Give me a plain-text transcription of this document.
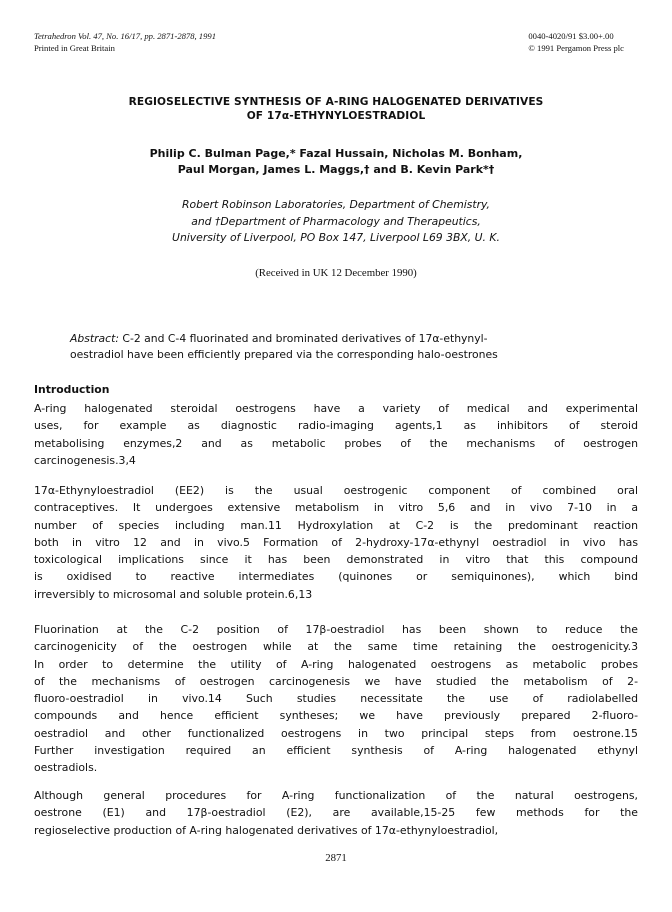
Tetrahedron Vol. 47, No. 16/17, pp. 2871-2878, 1991
Printed in Great Britain
0040-4020/91 $3.00+.00
© 1991 Pergamon Press plc
REGIOSELECTIVE SYNTHESIS OF A-RING HALOGENATED DERIVATIVES
OF 17α-ETHYNYLOESTRADIOL
Philip C. Bulman Page,* Fazal Hussain, Nicholas M. Bonham,
Paul Morgan, James L. Maggs,† and B. Kevin Park*†
Robert Robinson Laboratories, Department of Chemistry,
and †Department of Pharmacology and Therapeutics,
University of Liverpool, PO Box 147, Liverpool L69 3BX, U. K.
(Received in UK 12 December 1990)
Abstract: C-2 and C-4 fluorinated and brominated derivatives of 17α-ethynyl-
oestradiol have been efficiently prepared via the corresponding halo-oestrones
Introduction
A-ring halogenated steroidal oestrogens have a variety of medical and experimental
uses, for example as diagnostic radio-imaging agents,1 as inhibitors of steroid
metabolising enzymes,2 and as metabolic probes of the mechanisms of oestrogen
carcinogenesis.3,4
17α-Ethynyloestradiol (EE2) is the usual oestrogenic component of combined oral
contraceptives. It undergoes extensive metabolism in vitro 5,6 and in vivo 7-10 in a
number of species including man.11 Hydroxylation at C-2 is the predominant reaction
both in vitro 12 and in vivo.5 Formation of 2-hydroxy-17α-ethynyl oestradiol in vivo has
toxicological implications since it has been demonstrated in vitro that this compound
is oxidised to reactive intermediates (quinones or semiquinones), which bind
irreversibly to microsomal and soluble protein.6,13
Fluorination at the C-2 position of 17β-oestradiol has been shown to reduce the
carcinogenicity of the oestrogen while at the same time retaining the oestrogenicity.3
In order to determine the utility of A-ring halogenated oestrogens as metabolic probes
of the mechanisms of oestrogen carcinogenesis we have studied the metabolism of 2-
fluoro-oestradiol in vivo.14 Such studies necessitate the use of radiolabelled
compounds and hence efficient syntheses; we have previously prepared 2-fluoro-
oestradiol and other functionalized oestrogens in two principal steps from oestrone.15
Further investigation required an efficient synthesis of A-ring halogenated ethynyl
oestradiols.
Although general procedures for A-ring functionalization of the natural oestrogens,
oestrone (E1) and 17β-oestradiol (E2), are available,15-25 few methods for the
regioselective production of A-ring halogenated derivatives of 17α-ethynyloestradiol,
2871
